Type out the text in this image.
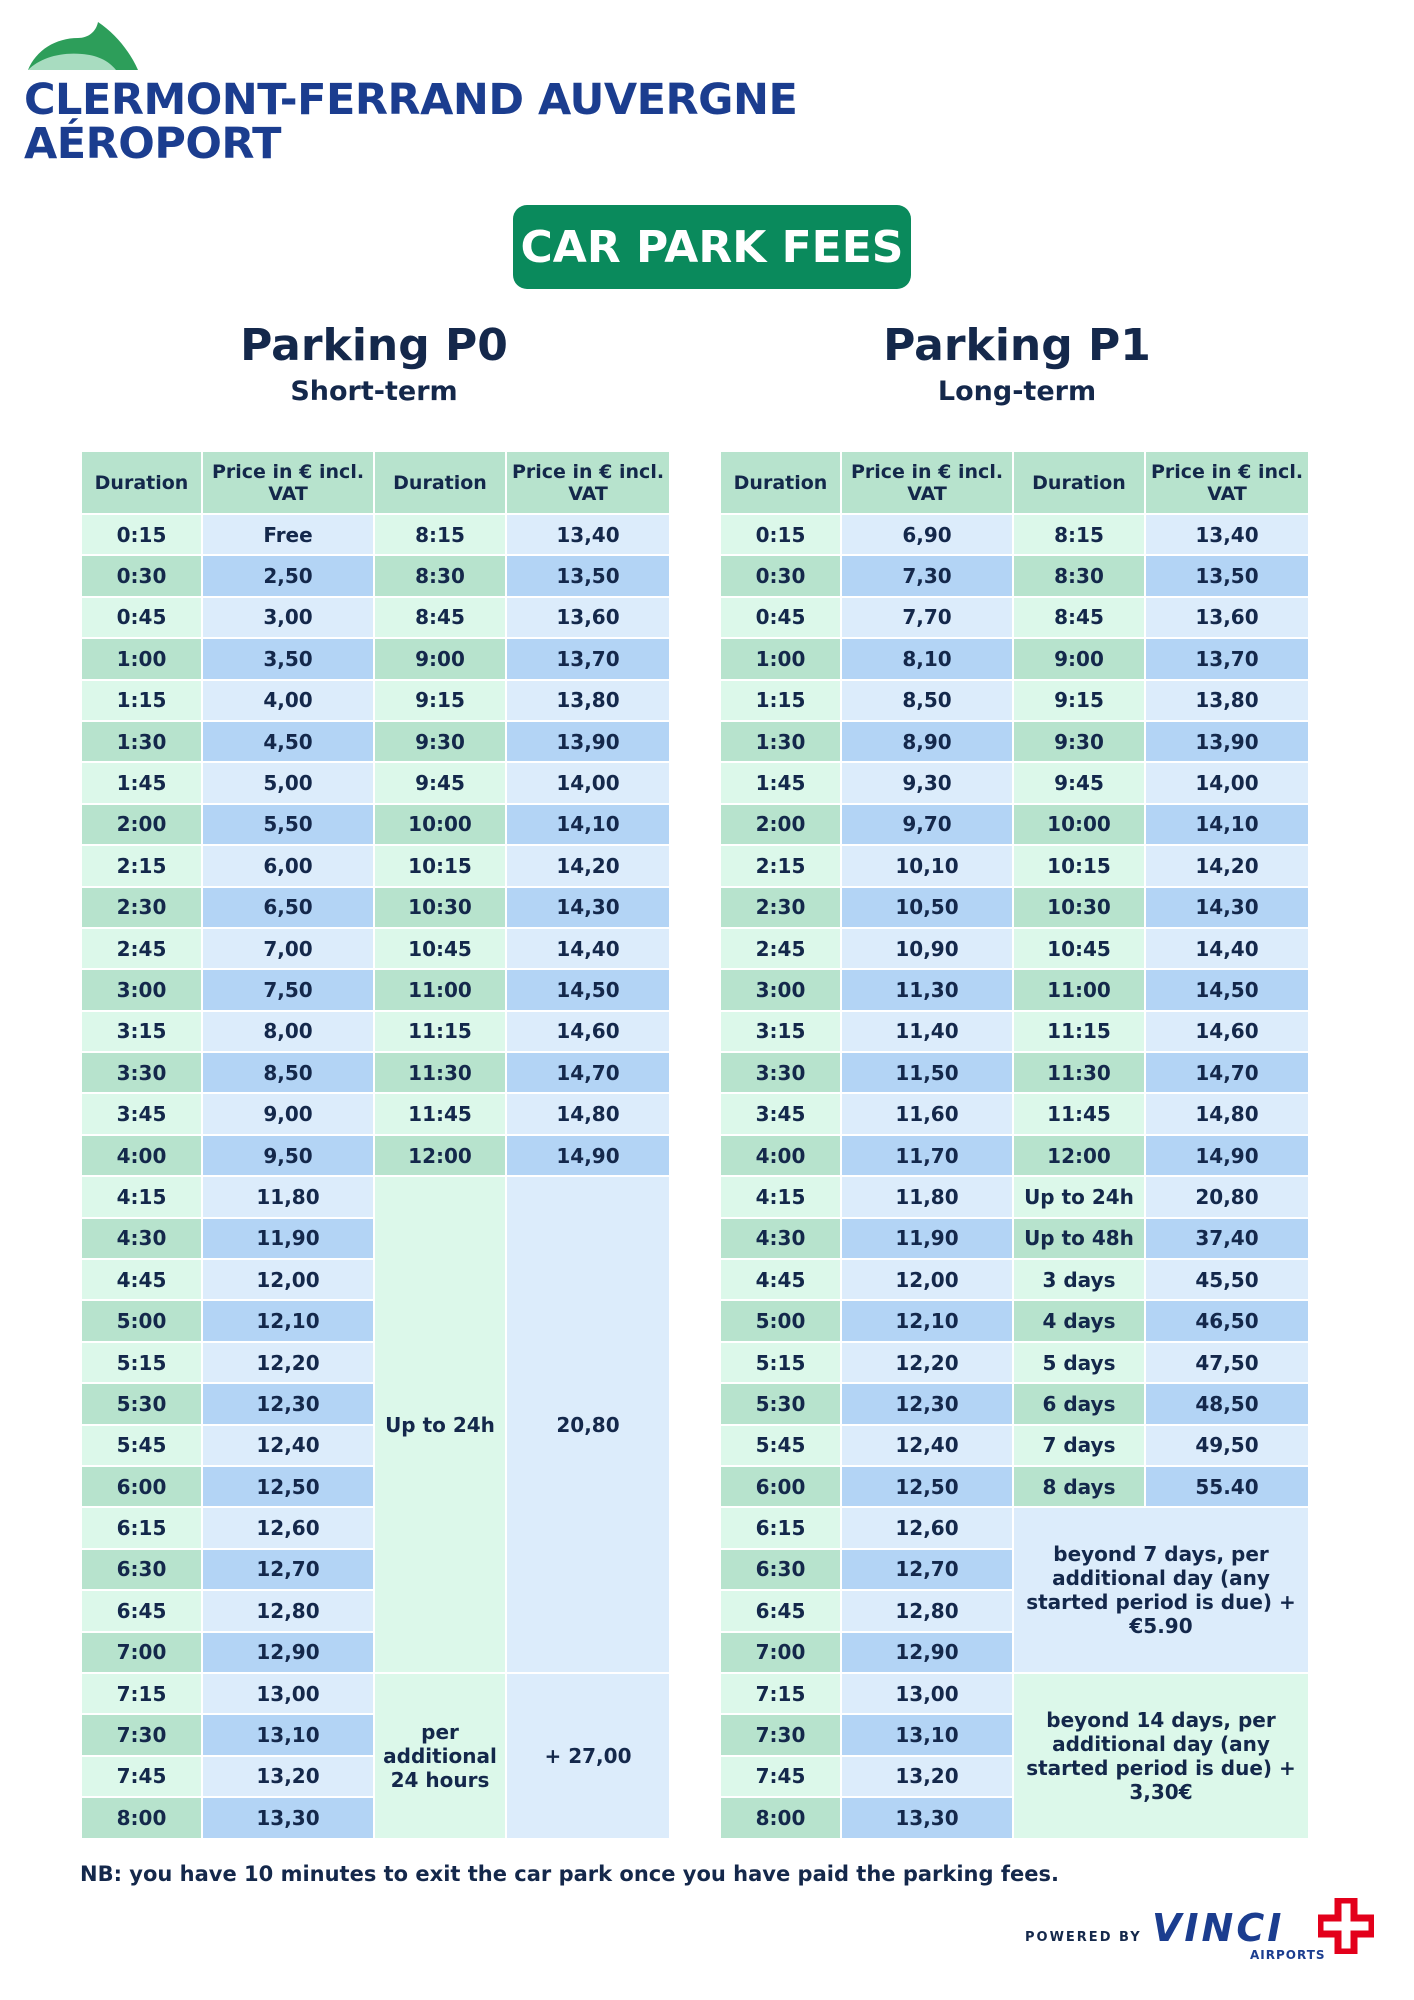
CLERMONT-FERRAND AUVERGNE
AÉROPORT
CAR PARK FEES
Parking P0
Short-term
Parking P1
Long-term
Duration	Price in € incl. VAT	Duration	Price in € incl. VAT
0:15	Free	8:15	13,40
0:30	2,50	8:30	13,50
0:45	3,00	8:45	13,60
1:00	3,50	9:00	13,70
1:15	4,00	9:15	13,80
1:30	4,50	9:30	13,90
1:45	5,00	9:45	14,00
2:00	5,50	10:00	14,10
2:15	6,00	10:15	14,20
2:30	6,50	10:30	14,30
2:45	7,00	10:45	14,40
3:00	7,50	11:00	14,50
3:15	8,00	11:15	14,60
3:30	8,50	11:30	14,70
3:45	9,00	11:45	14,80
4:00	9,50	12:00	14,90
4:15	11,80	Up to 24h	20,80
4:30	11,90		
4:45	12,00		
5:00	12,10		
5:15	12,20		
5:30	12,30		
5:45	12,40		
6:00	12,50		
6:15	12,60		
6:30	12,70		
6:45	12,80		
7:00	12,90		
7:15	13,00	per additional 24 hours	+ 27,00
7:30	13,10		
7:45	13,20		
8:00	13,30		
Duration	Price in € incl. VAT	Duration	Price in € incl. VAT
0:15	6,90	8:15	13,40
0:30	7,30	8:30	13,50
0:45	7,70	8:45	13,60
1:00	8,10	9:00	13,70
1:15	8,50	9:15	13,80
1:30	8,90	9:30	13,90
1:45	9,30	9:45	14,00
2:00	9,70	10:00	14,10
2:15	10,10	10:15	14,20
2:30	10,50	10:30	14,30
2:45	10,90	10:45	14,40
3:00	11,30	11:00	14,50
3:15	11,40	11:15	14,60
3:30	11,50	11:30	14,70
3:45	11,60	11:45	14,80
4:00	11,70	12:00	14,90
4:15	11,80	Up to 24h	20,80
4:30	11,90	Up to 48h	37,40
4:45	12,00	3 days	45,50
5:00	12,10	4 days	46,50
5:15	12,20	5 days	47,50
5:30	12,30	6 days	48,50
5:45	12,40	7 days	49,50
6:00	12,50	8 days	55.40
6:15	12,60	beyond 7 days, per additional day (any started period is due) + €5.90	
6:30	12,70		
6:45	12,80		
7:00	12,90		
7:15	13,00	beyond 14 days, per additional day (any started period is due) + 3,30€	
7:30	13,10		
7:45	13,20		
8:00	13,30		
NB: you have 10 minutes to exit the car park once you have paid the parking fees.
POWERED BY VINCI
AIRPORTS
